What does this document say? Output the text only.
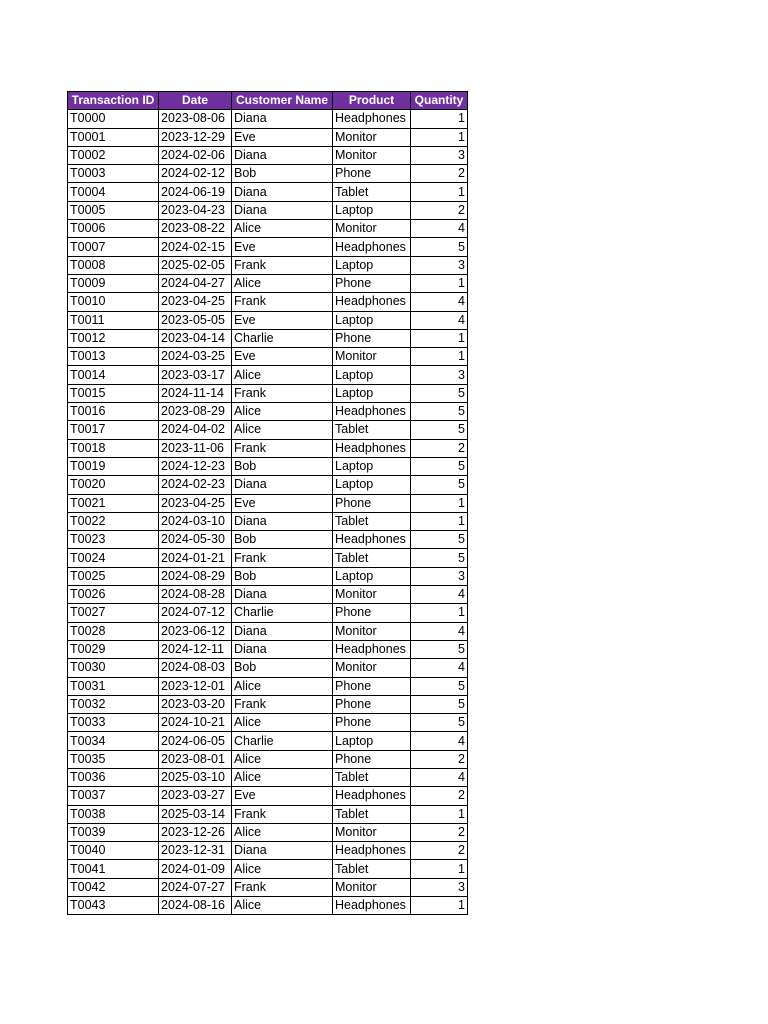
Transaction ID	Date	Customer Name	Product	Quantity
T0000	2023-08-06	Diana	Headphones	1
T0001	2023-12-29	Eve	Monitor	1
T0002	2024-02-06	Diana	Monitor	3
T0003	2024-02-12	Bob	Phone	2
T0004	2024-06-19	Diana	Tablet	1
T0005	2023-04-23	Diana	Laptop	2
T0006	2023-08-22	Alice	Monitor	4
T0007	2024-02-15	Eve	Headphones	5
T0008	2025-02-05	Frank	Laptop	3
T0009	2024-04-27	Alice	Phone	1
T0010	2023-04-25	Frank	Headphones	4
T0011	2023-05-05	Eve	Laptop	4
T0012	2023-04-14	Charlie	Phone	1
T0013	2024-03-25	Eve	Monitor	1
T0014	2023-03-17	Alice	Laptop	3
T0015	2024-11-14	Frank	Laptop	5
T0016	2023-08-29	Alice	Headphones	5
T0017	2024-04-02	Alice	Tablet	5
T0018	2023-11-06	Frank	Headphones	2
T0019	2024-12-23	Bob	Laptop	5
T0020	2024-02-23	Diana	Laptop	5
T0021	2023-04-25	Eve	Phone	1
T0022	2024-03-10	Diana	Tablet	1
T0023	2024-05-30	Bob	Headphones	5
T0024	2024-01-21	Frank	Tablet	5
T0025	2024-08-29	Bob	Laptop	3
T0026	2024-08-28	Diana	Monitor	4
T0027	2024-07-12	Charlie	Phone	1
T0028	2023-06-12	Diana	Monitor	4
T0029	2024-12-11	Diana	Headphones	5
T0030	2024-08-03	Bob	Monitor	4
T0031	2023-12-01	Alice	Phone	5
T0032	2023-03-20	Frank	Phone	5
T0033	2024-10-21	Alice	Phone	5
T0034	2024-06-05	Charlie	Laptop	4
T0035	2023-08-01	Alice	Phone	2
T0036	2025-03-10	Alice	Tablet	4
T0037	2023-03-27	Eve	Headphones	2
T0038	2025-03-14	Frank	Tablet	1
T0039	2023-12-26	Alice	Monitor	2
T0040	2023-12-31	Diana	Headphones	2
T0041	2024-01-09	Alice	Tablet	1
T0042	2024-07-27	Frank	Monitor	3
T0043	2024-08-16	Alice	Headphones	1
